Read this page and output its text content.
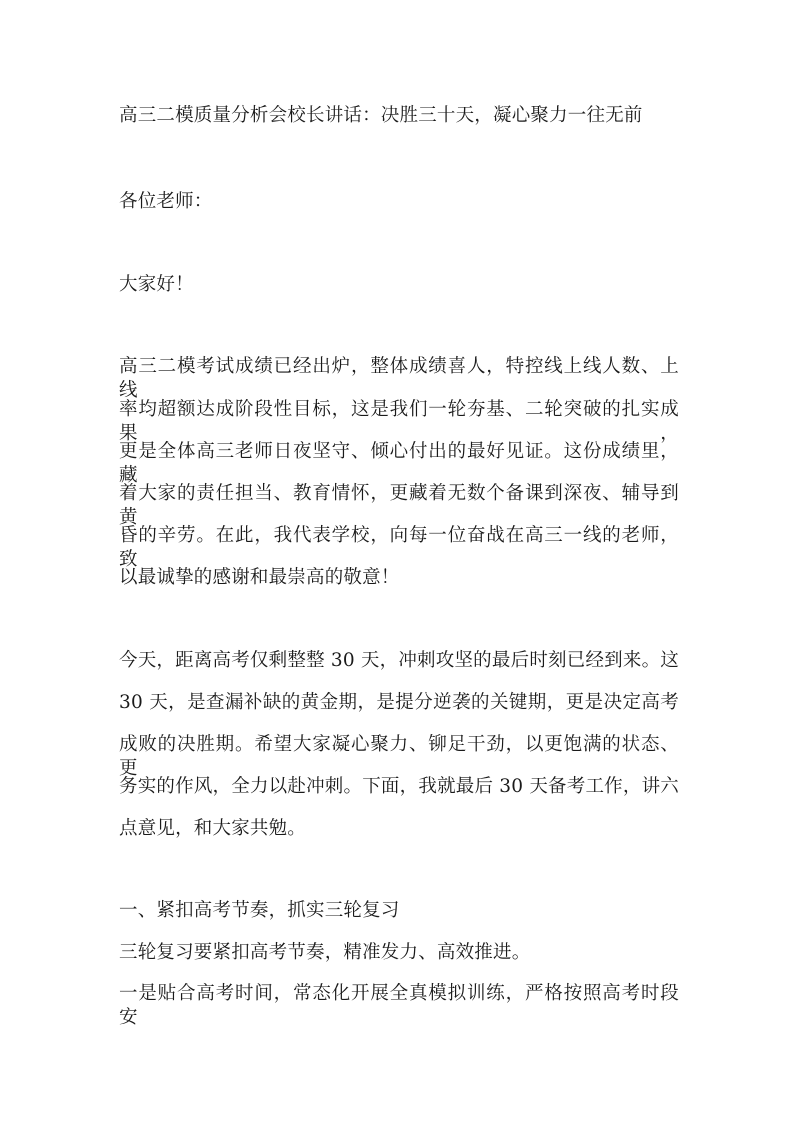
高三二模质量分析会校长讲话：决胜三十天，凝心聚力一往无前

各位老师：

大家好！

高三二模考试成绩已经出炉，整体成绩喜人，特控线上线人数、上线

率均超额达成阶段性目标，这是我们一轮夯基、二轮突破的扎实成果，

更是全体高三老师日夜坚守、倾心付出的最好见证。这份成绩里，藏

着大家的责任担当、教育情怀，更藏着无数个备课到深夜、辅导到黄

昏的辛劳。在此，我代表学校，向每一位奋战在高三一线的老师，致

以最诚挚的感谢和最崇高的敬意！

今天，距离高考仅剩整整 30 天，冲刺攻坚的最后时刻已经到来。这

30 天，是查漏补缺的黄金期，是提分逆袭的关键期，更是决定高考

成败的决胜期。希望大家凝心聚力、铆足干劲，以更饱满的状态、更

务实的作风，全力以赴冲刺。下面，我就最后 30 天备考工作，讲六

点意见，和大家共勉。

一、紧扣高考节奏，抓实三轮复习

三轮复习要紧扣高考节奏，精准发力、高效推进。

一是贴合高考时间，常态化开展全真模拟训练，严格按照高考时段安
